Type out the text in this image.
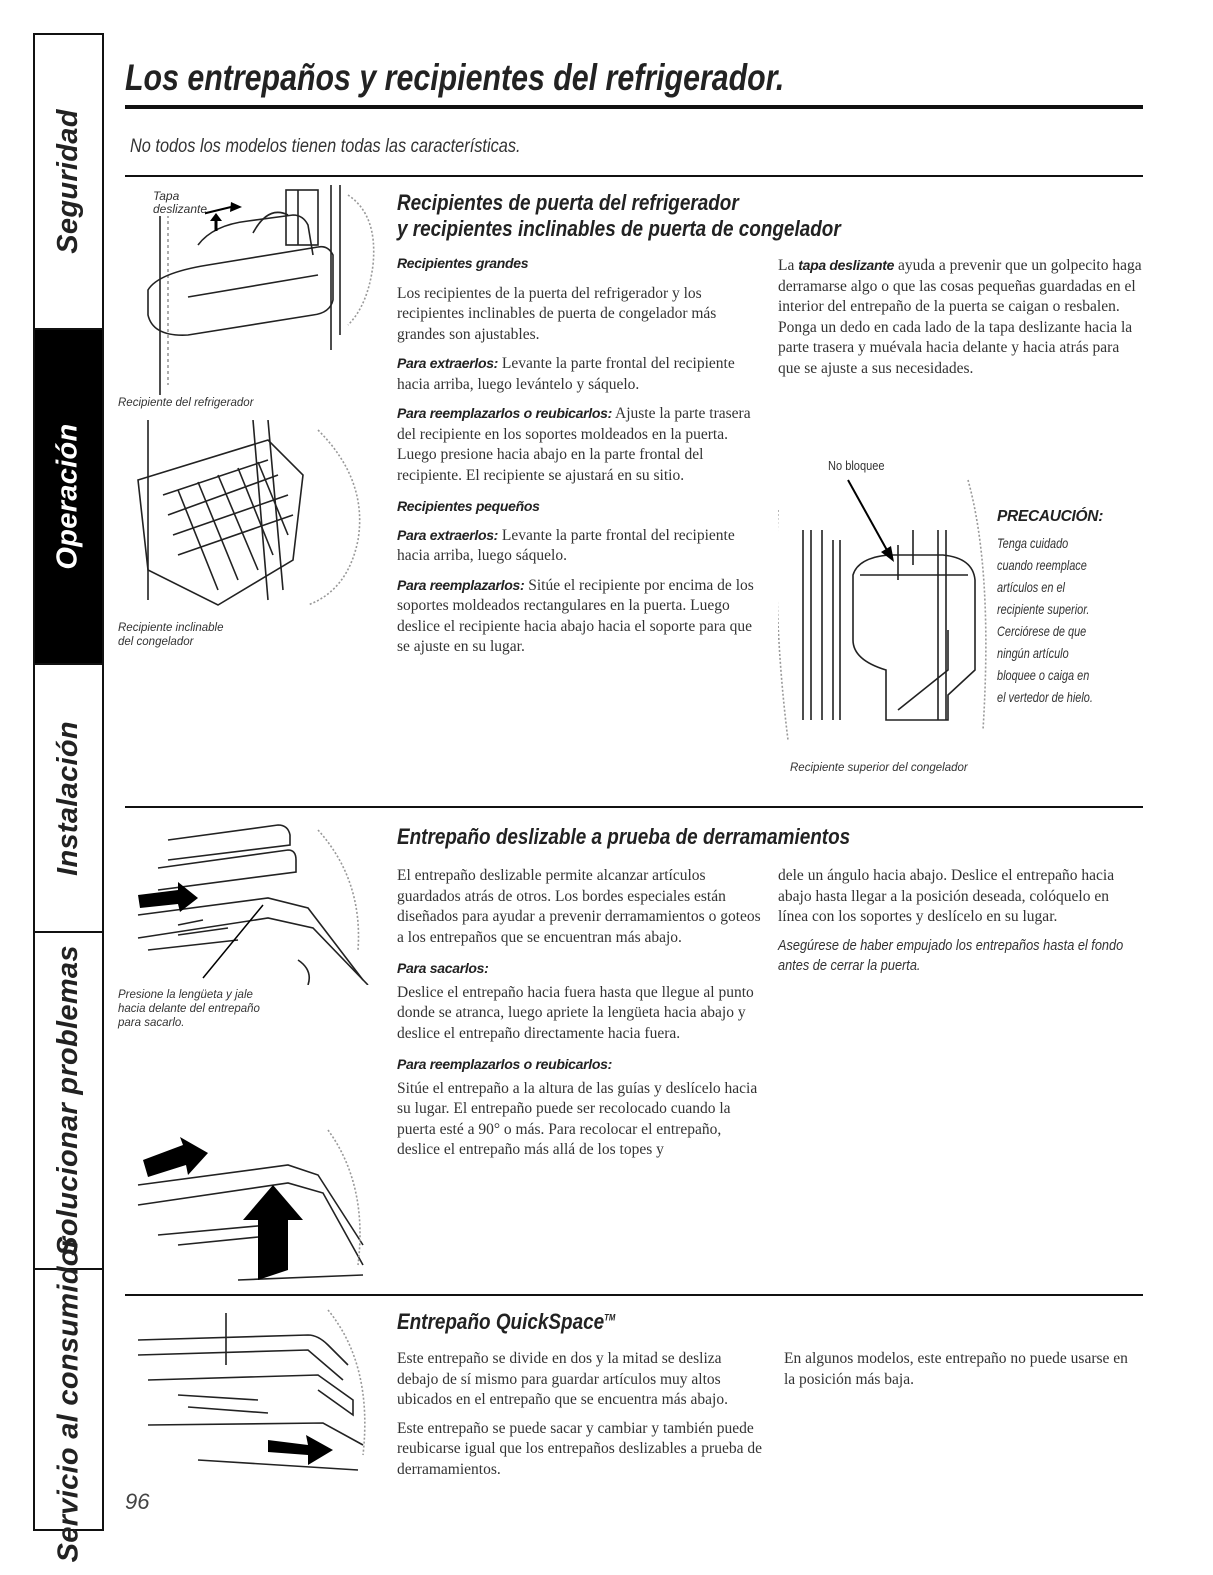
Seguridad
Operación
Instalación
Solucionar problemas
Servicio al consumidor
Los entrepaños y recipientes del refrigerador.
No todos los modelos tienen todas las características.
Tapa deslizante
Recipiente del refrigerador
Recipiente inclinable
del congelador
Recipientes de puerta del refrigerador
y recipientes inclinables de puerta de congelador
Recipientes grandes

Los recipientes de la puerta del refrigerador y los recipientes inclinables de puerta de congelador más grandes son ajustables.

Para extraerlos: Levante la parte frontal del recipiente hacia arriba, luego levántelo y sáquelo.

Para reemplazarlos o reubicarlos: Ajuste la parte trasera del recipiente en los soportes moldeados en la puerta. Luego presione hacia abajo en la parte frontal del recipiente. El recipiente se ajustará en su sitio.

Recipientes pequeños

Para extraerlos: Levante la parte frontal del recipiente hacia arriba, luego sáquelo.

Para reemplazarlos: Sitúe el recipiente por encima de los soportes moldeados rectangulares en la puerta. Luego deslice el recipiente hacia abajo hacia el soporte para que se ajuste en su lugar.

La tapa deslizante ayuda a prevenir que un golpecito haga derramarse algo o que las cosas pequeñas guardadas en el interior del entrepaño de la puerta se caigan o resbalen. Ponga un dedo en cada lado de la tapa deslizante hacia la parte trasera y muévala hacia delante y hacia atrás para que se ajuste a sus necesidades.

No bloquee
PRECAUCIÓN:
Tenga cuidado
cuando reemplace
artículos en el
recipiente superior.
Cerciórese de que
ningún artículo
bloquee o caiga en
el vertedor de hielo.
Recipiente superior del congelador
Presione la lengüeta y jale
hacia delante del entrepaño
para sacarlo.
Entrepaño deslizable a prueba de derramamientos

El entrepaño deslizable permite alcanzar artículos guardados atrás de otros. Los bordes especiales están diseñados para ayudar a prevenir derramamientos o goteos a los entrepaños que se encuentran más abajo.

Para sacarlos:

Deslice el entrepaño hacia fuera hasta que llegue al punto donde se atranca, luego apriete la lengüeta hacia abajo y deslice el entrepaño directamente hacia fuera.

Para reemplazarlos o reubicarlos:

Sitúe el entrepaño a la altura de las guías y deslícelo hacia su lugar. El entrepaño puede ser recolocado cuando la puerta esté a 90° o más. Para recolocar el entrepaño, deslice el entrepaño más allá de los topes y

dele un ángulo hacia abajo. Deslice el entrepaño hacia abajo hasta llegar a la posición deseada, colóquelo en línea con los soportes y deslícelo en su lugar.

Asegúrese de haber empujado los entrepaños hasta el fondo antes de cerrar la puerta.

Entrepaño QuickSpace™

Este entrepaño se divide en dos y la mitad se desliza debajo de sí mismo para guardar artículos muy altos ubicados en el entrepaño que se encuentra más abajo.

Este entrepaño se puede sacar y cambiar y también puede reubicarse igual que los entrepaños deslizables a prueba de derramamientos.

En algunos modelos, este entrepaño no puede usarse en la posición más baja.

96
